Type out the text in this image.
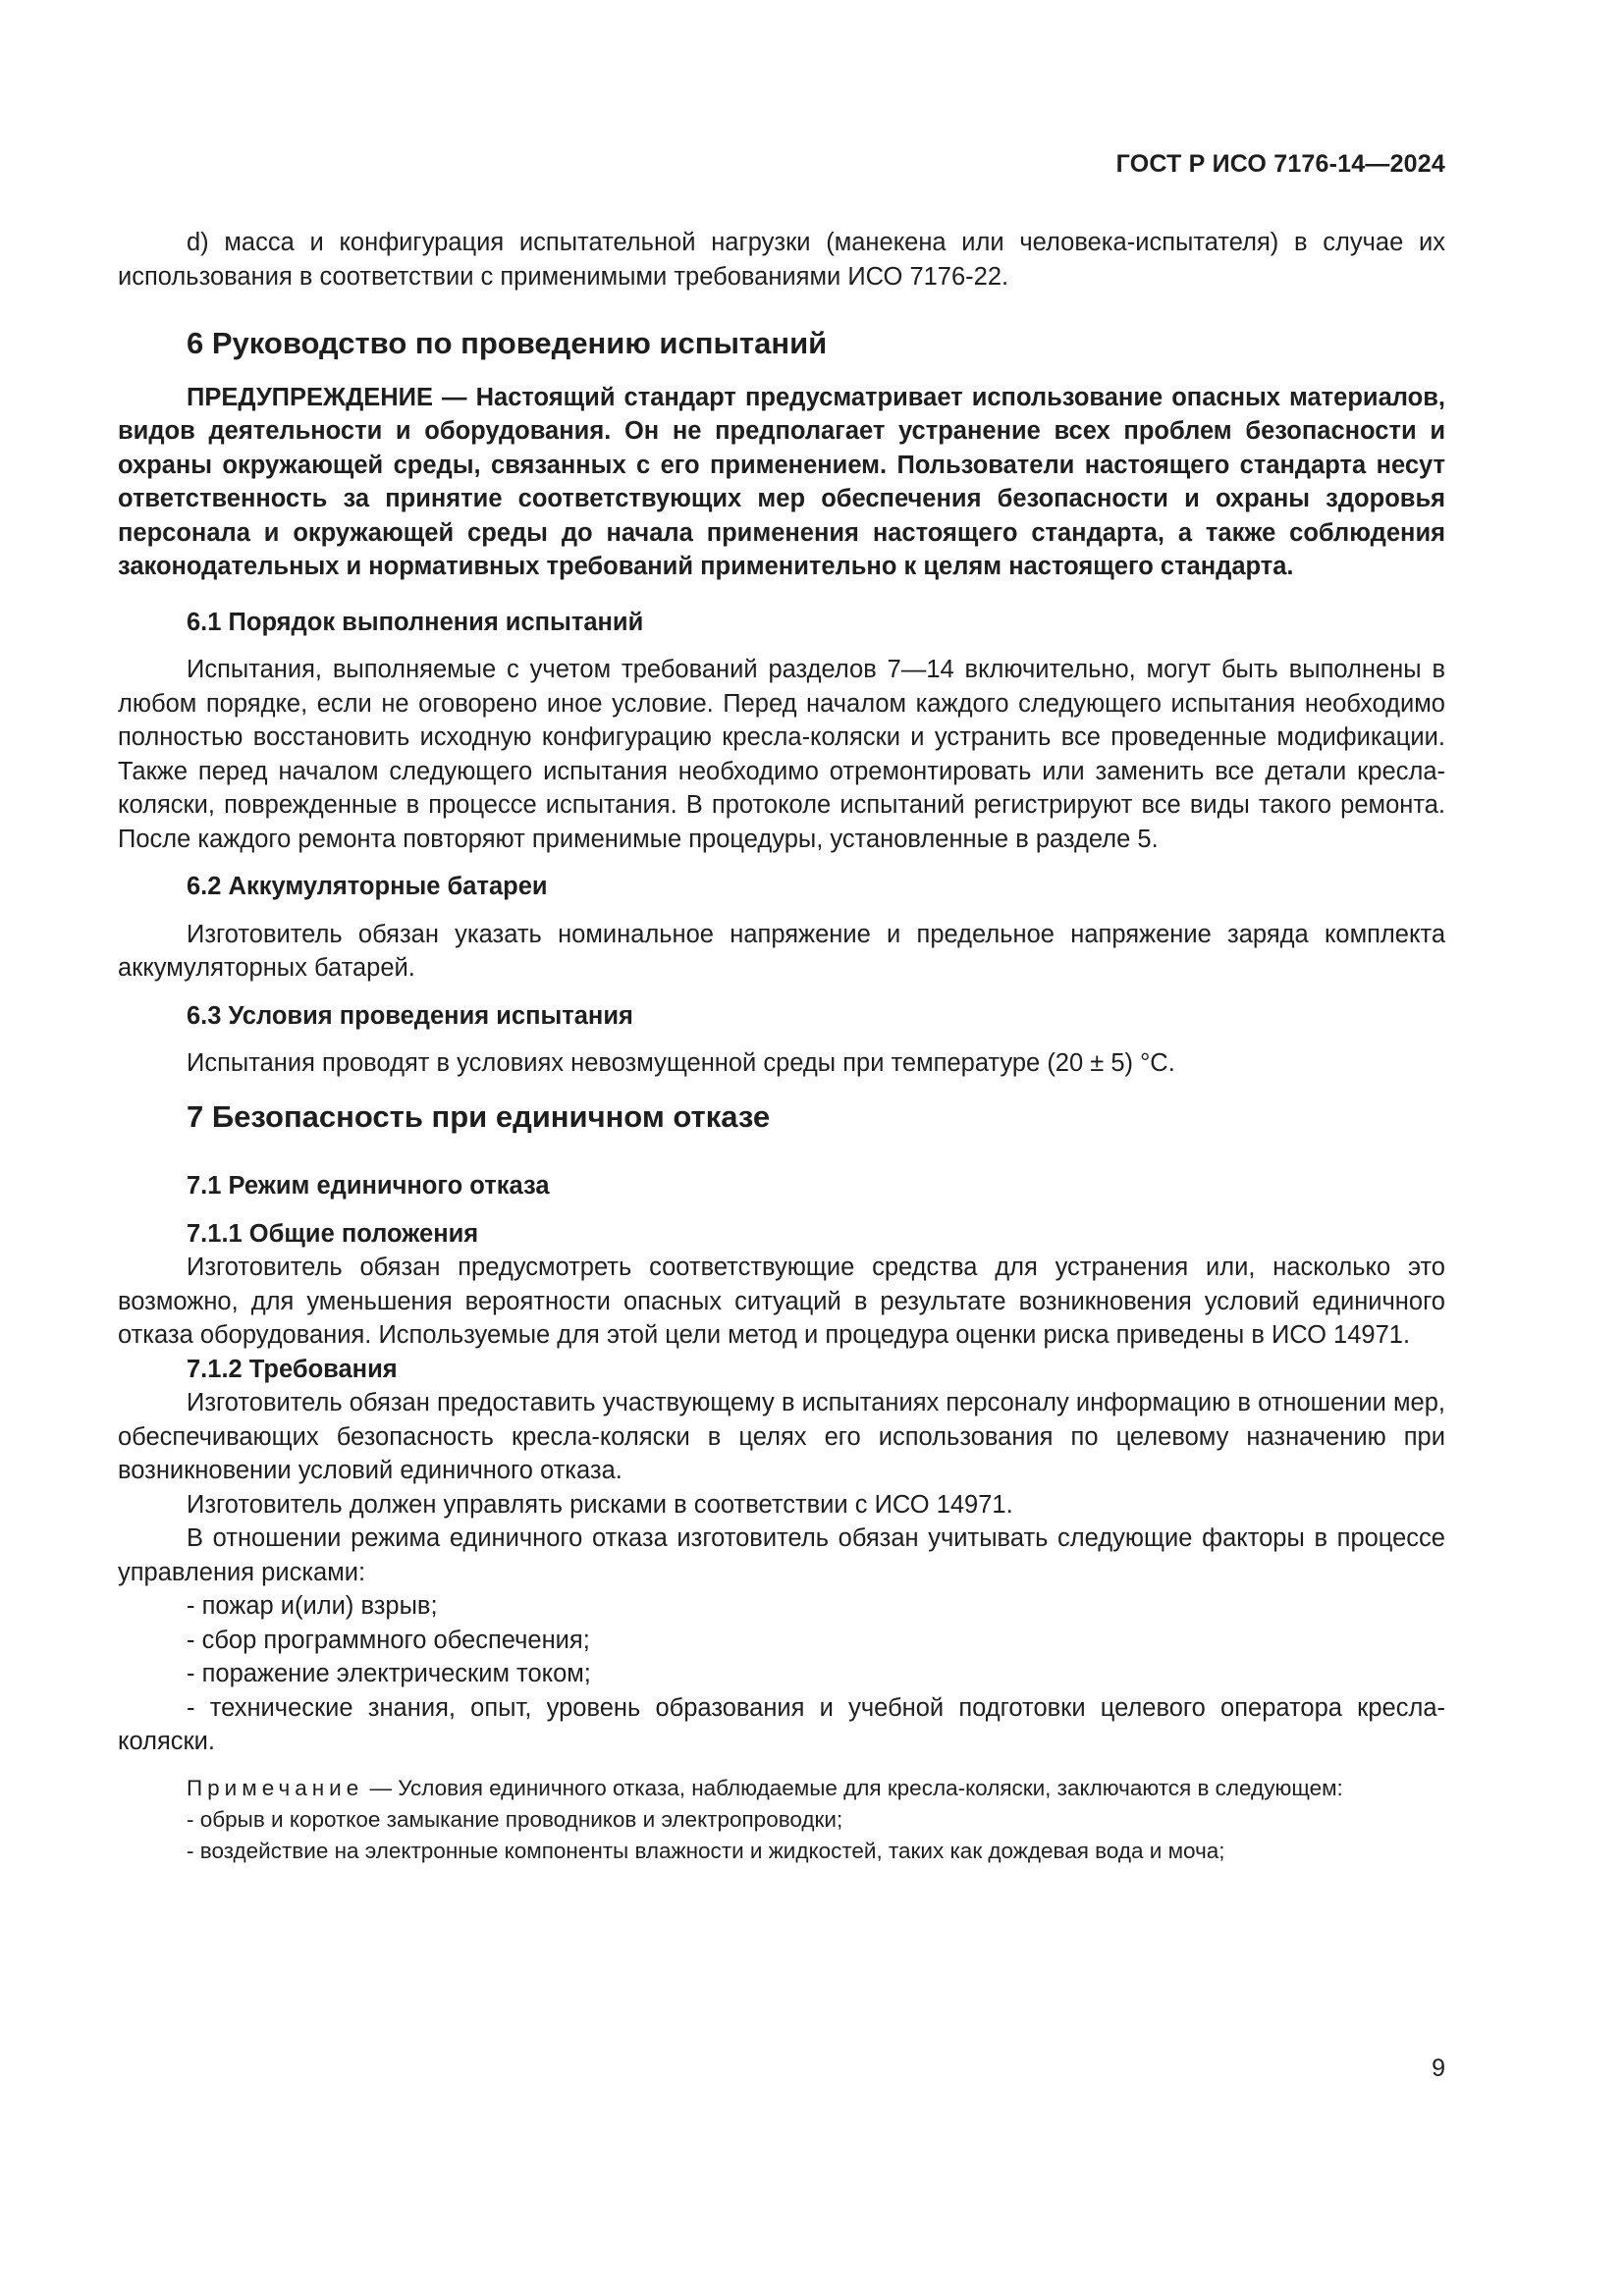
ГОСТ Р ИСО 7176-14—2024

d) масса и конфигурация испытательной нагрузки (манекена или человека-испытателя) в случае их использования в соответствии с применимыми требованиями ИСО 7176-22.

6 Руководство по проведению испытаний

ПРЕДУПРЕЖДЕНИЕ — Настоящий стандарт предусматривает использование опасных материалов, видов деятельности и оборудования. Он не предполагает устранение всех проблем безопасности и охраны окружающей среды, связанных с его применением. Пользователи настоящего стандарта несут ответственность за принятие соответствующих мер обеспечения безопасности и охраны здоровья персонала и окружающей среды до начала применения настоящего стандарта, а также соблюдения законодательных и нормативных требований применительно к целям настоящего стандарта.

6.1 Порядок выполнения испытаний

Испытания, выполняемые с учетом требований разделов 7—14 включительно, могут быть выполнены в любом порядке, если не оговорено иное условие. Перед началом каждого следующего испытания необходимо полностью восстановить исходную конфигурацию кресла-коляски и устранить все проведенные модификации. Также перед началом следующего испытания необходимо отремонтировать или заменить все детали кресла-коляски, поврежденные в процессе испытания. В протоколе испытаний регистрируют все виды такого ремонта. После каждого ремонта повторяют применимые процедуры, установленные в разделе 5.

6.2 Аккумуляторные батареи

Изготовитель обязан указать номинальное напряжение и предельное напряжение заряда комплекта аккумуляторных батарей.

6.3 Условия проведения испытания

Испытания проводят в условиях невозмущенной среды при температуре (20 ± 5) °С.

7 Безопасность при единичном отказе
7.1 Режим единичного отказа
7.1.1 Общие положения

Изготовитель обязан предусмотреть соответствующие средства для устранения или, насколько это возможно, для уменьшения вероятности опасных ситуаций в результате возникновения условий единичного отказа оборудования. Используемые для этой цели метод и процедура оценки риска приведены в ИСО 14971.

7.1.2 Требования

Изготовитель обязан предоставить участвующему в испытаниях персоналу информацию в отношении мер, обеспечивающих безопасность кресла-коляски в целях его использования по целевому назначению при возникновении условий единичного отказа.

Изготовитель должен управлять рисками в соответствии с ИСО 14971.

В отношении режима единичного отказа изготовитель обязан учитывать следующие факторы в процессе управления рисками:

- пожар и(или) взрыв;
- сбор программного обеспечения;
- поражение электрическим током;

- технические знания, опыт, уровень образования и учебной подготовки целевого оператора кресла-коляски.

Примечание — Условия единичного отказа, наблюдаемые для кресла-коляски, заключаются в следующем:

- обрыв и короткое замыкание проводников и электропроводки;
- воздействие на электронные компоненты влажности и жидкостей, таких как дождевая вода и моча;
9
